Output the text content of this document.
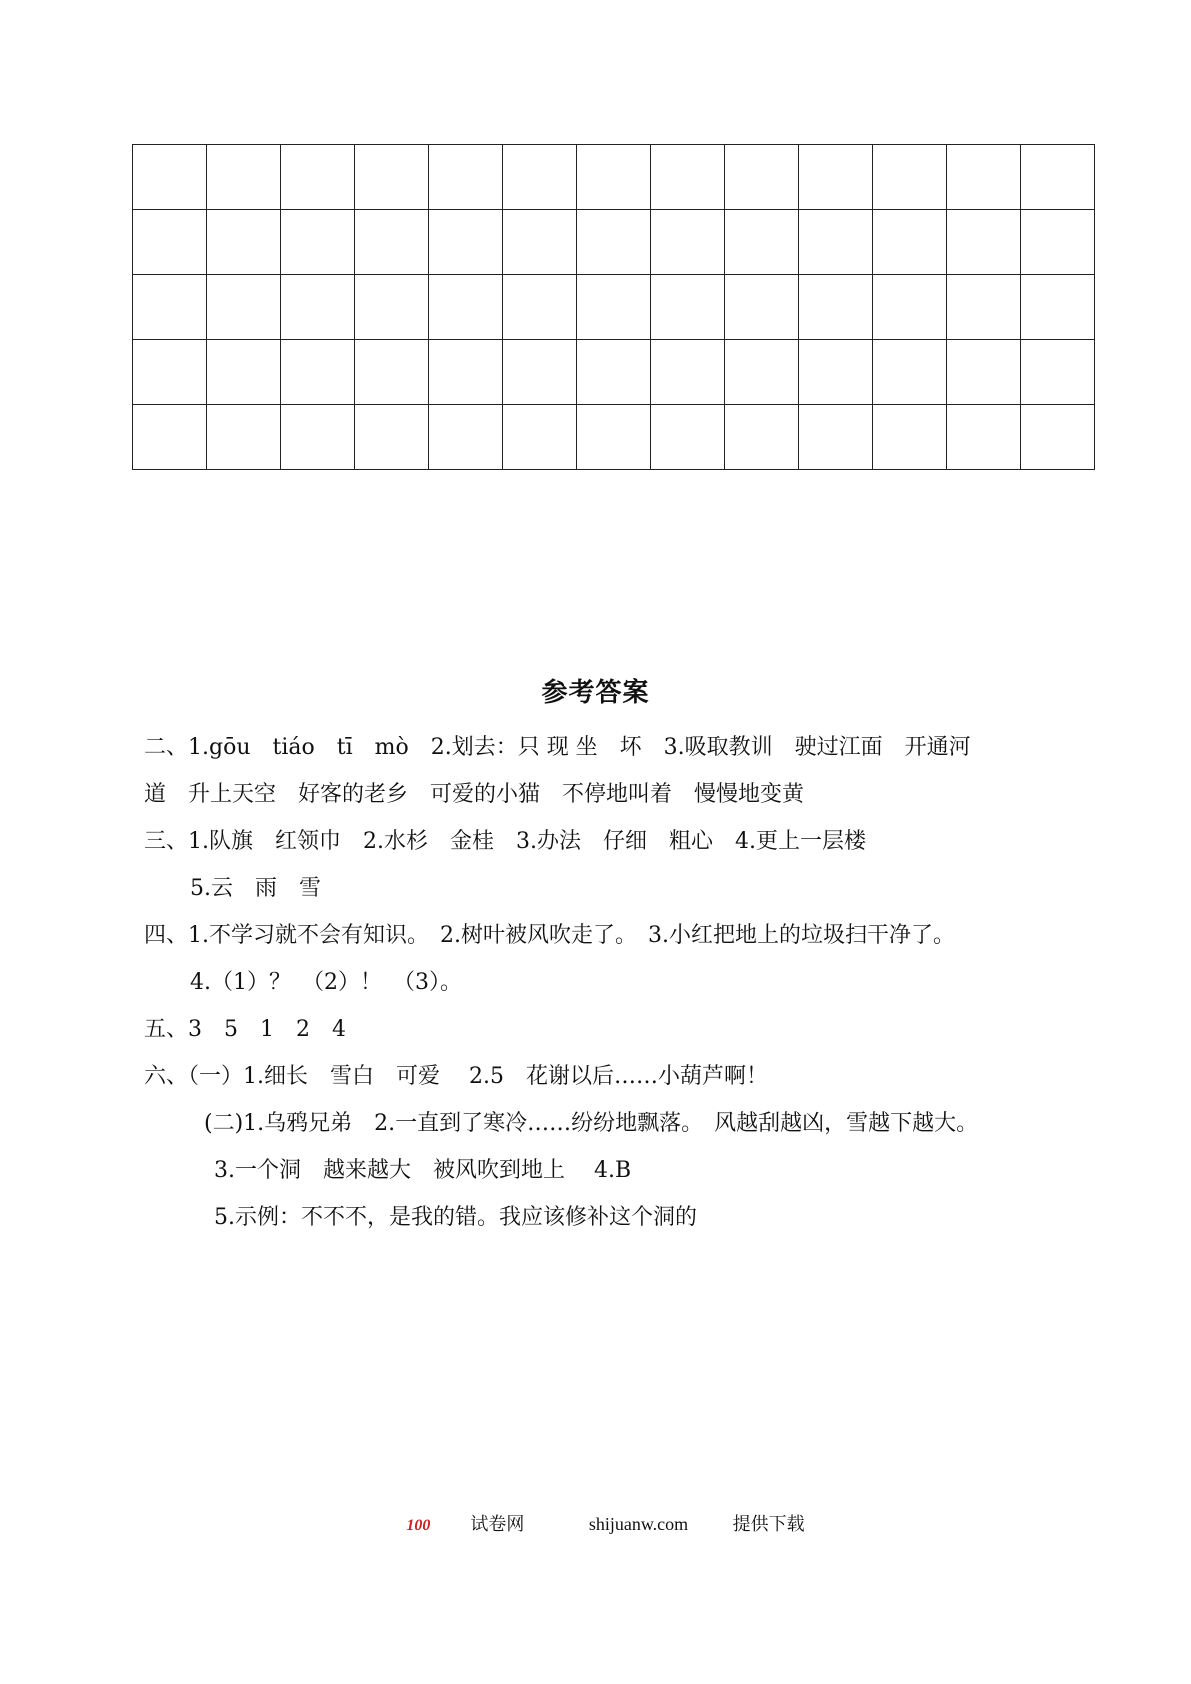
参考答案
二、1.gōu　tiáo　tī　mò　2.划去：只 现 坐　坏　3.吸取教训　驶过江面　开通河
道　升上天空　好客的老乡　可爱的小猫　不停地叫着　慢慢地变黄
三、1.队旗　红领巾　2.水杉　金桂　3.办法　仔细　粗心　4.更上一层楼
5.云　雨　雪
四、1.不学习就不会有知识。　2.树叶被风吹走了。　3.小红把地上的垃圾扫干净了。
4.（1）？　（2）！　（3）。
五、3　5　1　2　4
六、（一）1.细长　雪白　可爱　 2.5　花谢以后……小葫芦啊！
(二)1.乌鸦兄弟　2.一直到了寒冷……纷纷地飘落。　风越刮越凶，雪越下越大。
3.一个洞　越来越大　被风吹到地上　 4.B
5.示例：不不不，是我的错。我应该修补这个洞的
100 试卷网	shijuanw.com 提供下载
